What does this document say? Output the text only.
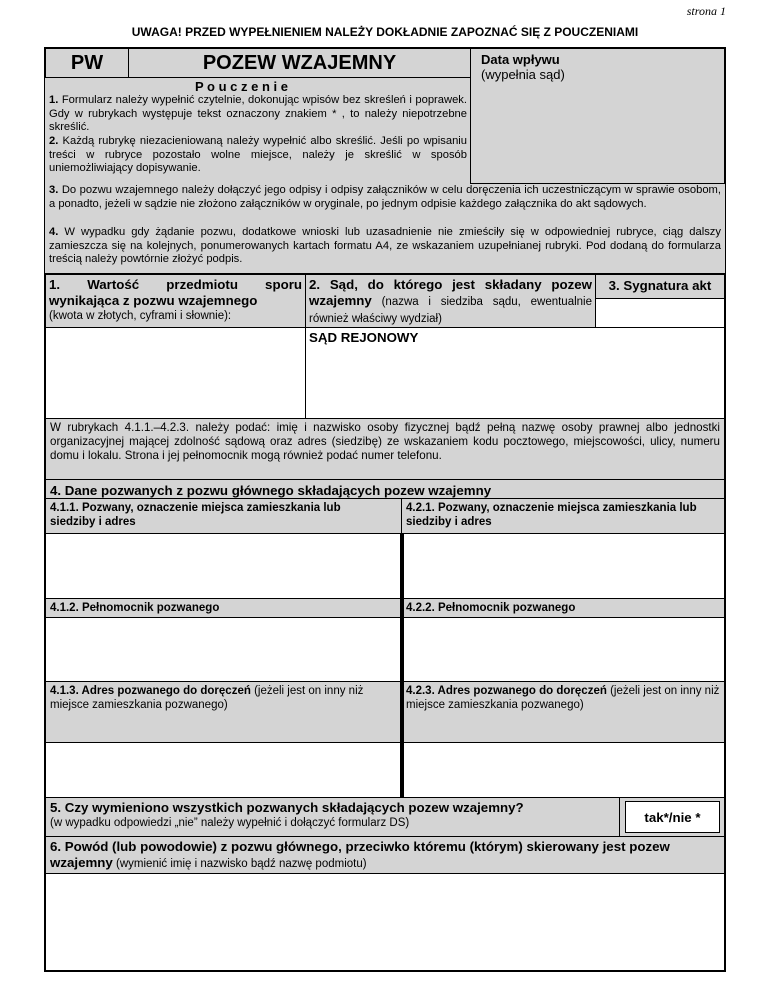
strona 1
UWAGA! PRZED WYPEŁNIENIEM NALEŻY DOKŁADNIE ZAPOZNAĆ SIĘ Z POUCZENIAMI
PW	POZEW WZAJEMNY	Data wpływu
(wypełnia sąd)
P o u c z e n i e
1. Formularz należy wypełnić czytelnie, dokonując wpisów bez skreśleń i poprawek. Gdy w rubrykach występuje tekst oznaczony znakiem * , to należy niepotrzebne skreślić.
2. Każdą rubrykę niezacieniowaną należy wypełnić albo skreślić. Jeśli po wpisaniu treści w rubryce pozostało wolne miejsce, należy je skreślić w sposób uniemożliwiający dopisywanie.
3. Do pozwu wzajemnego należy dołączyć jego odpisy i odpisy załączników w celu doręczenia ich uczestniczącym w sprawie osobom, a ponadto, jeżeli w sądzie nie złożono załączników w oryginale, po jednym odpisie każdego załącznika do akt sądowych.
4. W wypadku gdy żądanie pozwu, dodatkowe wnioski lub uzasadnienie nie zmieściły się w odpowiedniej rubryce, ciąg dalszy zamieszcza się na kolejnych, ponumerowanych kartach formatu A4, ze wskazaniem uzupełnianej rubryki. Pod dodaną do formularza treścią należy powtórnie złożyć podpis.

1. Wartość przedmiotu sporu wynikająca z pozwu wzajemnego

(kwota w złotych, cyframi i słownie):

2. Sąd, do którego jest składany pozew wzajemny (nazwa i siedziba sądu, ewentualnie również właściwy wydział)

3. Sygnatura akt

SĄD REJONOWY
W rubrykach 4.1.1.–4.2.3. należy podać: imię i nazwisko osoby fizycznej bądź pełną nazwę osoby prawnej albo jednostki organizacyjnej mającej zdolność sądową oraz adres (siedzibę) ze wskazaniem kodu pocztowego, miejscowości, ulicy, numeru domu i lokalu. Strona i jej pełnomocnik mogą również podać numer telefonu.
4. Dane pozwanych z pozwu głównego składających pozew wzajemny

4.1.1. Pozwany, oznaczenie miejsca zamieszkania lub siedziby i adres

4.2.1. Pozwany, oznaczenie miejsca zamieszkania lub siedziby i adres

4.1.2. Pełnomocnik pozwanego	4.2.2. Pełnomocnik pozwanego

4.1.3. Adres pozwanego do doręczeń (jeżeli jest on inny niż miejsce zamieszkania pozwanego)

4.2.3. Adres pozwanego do doręczeń (jeżeli jest on inny niż miejsce zamieszkania pozwanego)

5. Czy wymieniono wszystkich pozwanych składających pozew wzajemny?

(w wypadku odpowiedzi „nie” należy wypełnić i dołączyć formularz DS)	tak*/nie *

6. Powód (lub powodowie) z pozwu głównego, przeciwko któremu (którym) skierowany jest pozew wzajemny (wymienić imię i nazwisko bądź nazwę podmiotu)
